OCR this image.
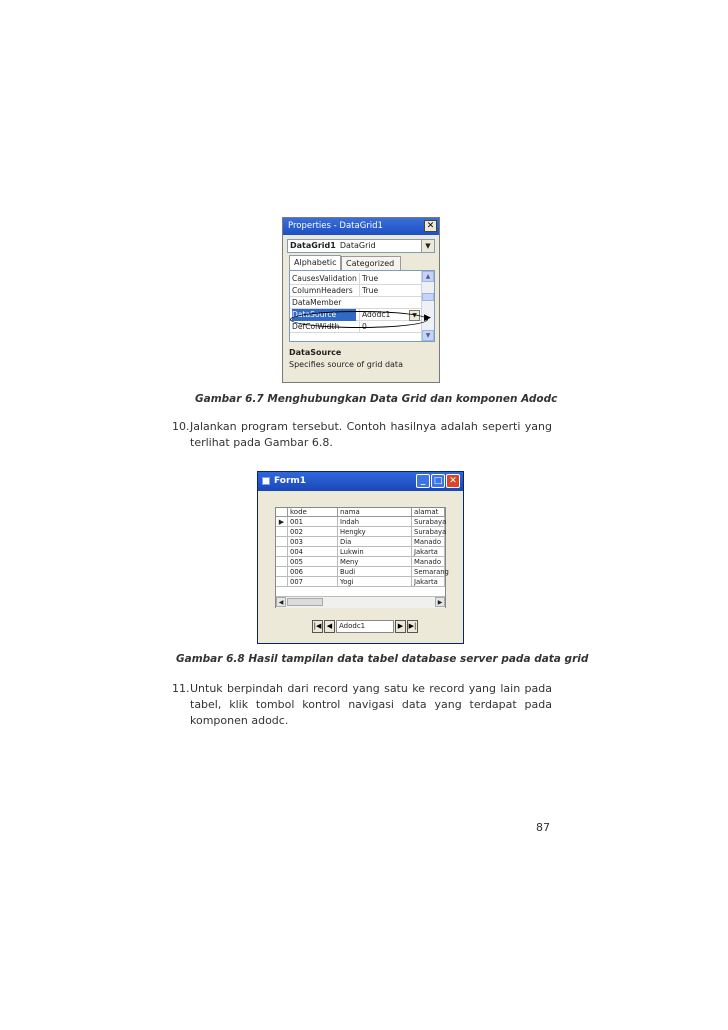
Properties - DataGrid1	✕
DataGrid1 DataGrid	▼
Alphabetic	Categorized
CausesValidation True
ColumnHeaders	True
DataMember
DataSource	Adodc1	▼
DefColWidth	0
▲
▼
DataSource
Specifies source of grid data
▶
Gambar 6.7 Menghubungkan Data Grid dan komponen Adodc
10. Jalankan program tersebut. Contoh hasilnya adalah seperti yang terlihat pada Gambar 6.8.
Form1	_ □ ✕
kode	nama	alamat
▶ 001	Indah	Surabaya
002	Hengky	Surabaya
003	Dia	Manado
004	Lukwin	Jakarta
005	Meny	Manado
006	Budi	Semarang
007	Yogi	Jakarta
◀	▶
|◀ ◀ Adodc1	▶ ▶|
Gambar 6.8 Hasil tampilan data tabel database server pada data grid
11. Untuk berpindah dari record yang satu ke record yang lain pada tabel, klik tombol kontrol navigasi data yang terdapat pada komponen adodc.
87
